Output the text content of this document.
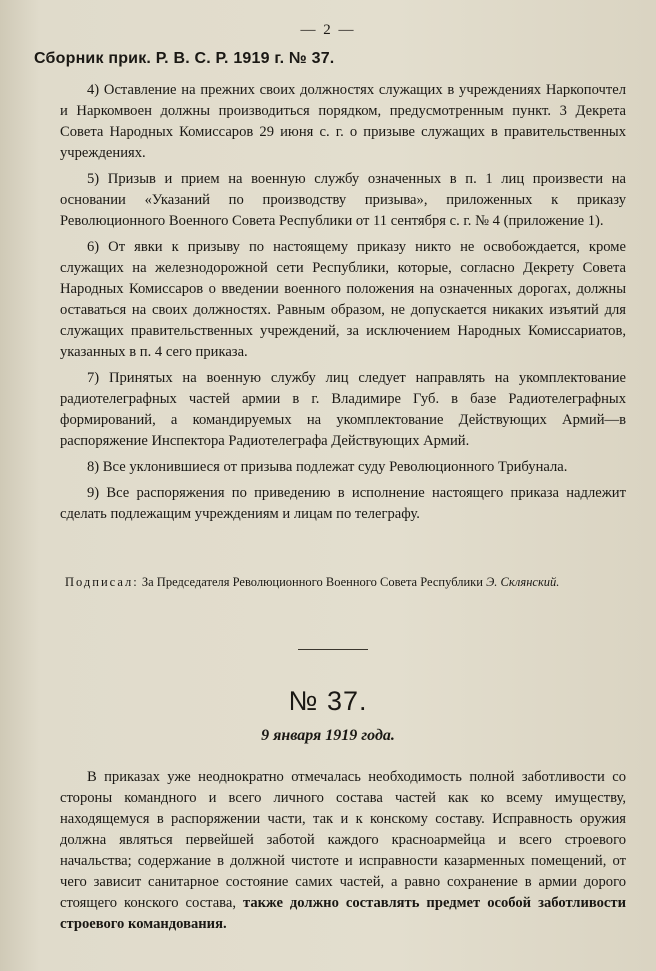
— 2 —
Сборник прик. Р. В. С. Р. 1919 г. № 37.

4) Оставление на прежних своих должностях служащих в учреждениях Наркопочтел и Наркомвоен должны производиться порядком, предусмотренным пункт. 3 Декрета Совета Народных Комиссаров 29 июня с. г. о призыве служащих в правительственных учреждениях.

5) Призыв и прием на военную службу означенных в п. 1 лиц произвести на основании «Указаний по производству призыва», приложенных к приказу Революционного Военного Совета Республики от 11 сентября с. г. № 4 (приложение 1).

6) От явки к призыву по настоящему приказу никто не освобождается, кроме служащих на железнодорожной сети Республики, которые, согласно Декрету Совета Народных Комиссаров о введении военного положения на означенных дорогах, должны оставаться на своих должностях. Равным образом, не допускается никаких изъятий для служащих правительственных учреждений, за исключением Народных Комиссариатов, указанных в п. 4 сего приказа.

7) Принятых на военную службу лиц следует направлять на укомплектование радиотелеграфных частей армии в г. Владимире Губ. в базе Радиотелеграфных формирований, а командируемых на укомплектование Действующих Армий—в распоряжение Инспектора Радиотелеграфа Действующих Армий.

8) Все уклонившиеся от призыва подлежат суду Революционного Трибунала.

9) Все распоряжения по приведению в исполнение настоящего приказа надлежит сделать подлежащим учреждениям и лицам по телеграфу.

Подписал: За Председателя Революционного Военного Совета Республики Э. Склянский.
№ 37.
9 января 1919 года.

В приказах уже неоднократно отмечалась необходимость полной заботливости со стороны командного и всего личного состава частей как ко всему имуществу, находящемуся в распоряжении части, так и к конскому составу. Исправность оружия должна являться первейшей заботой каждого красноармейца и всего строевого начальства; содержание в должной чистоте и исправности казарменных помещений, от чего зависит санитарное состояние самих частей, а равно сохранение в армии дорого стоящего конского состава, также должно составлять предмет особой заботливости строевого командования.
